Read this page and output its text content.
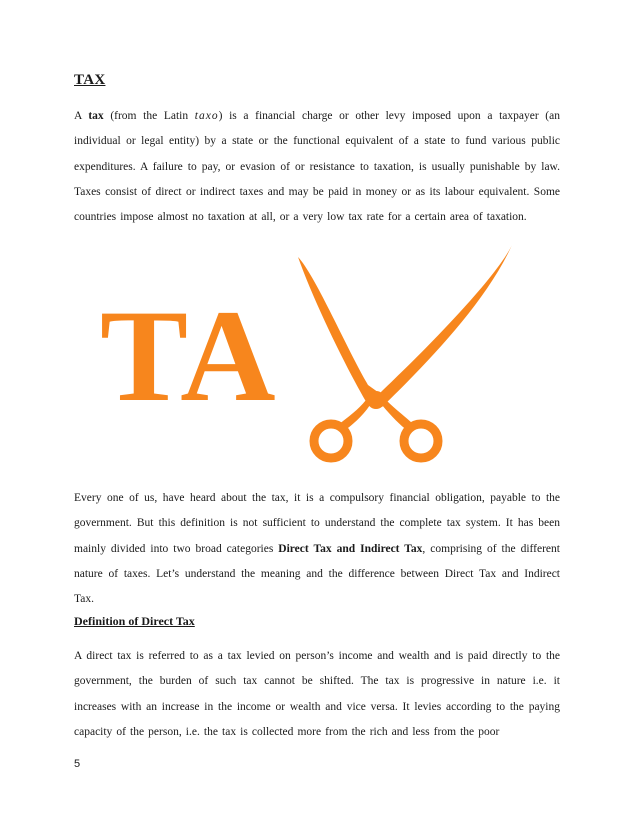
TAX
A tax (from the Latin taxo) is a financial charge or other levy imposed upon a taxpayer (an individual or legal entity) by a state or the functional equivalent of a state to fund various public expenditures. A failure to pay, or evasion of or resistance to taxation, is usually punishable by law. Taxes consist of direct or indirect taxes and may be paid in money or as its labour equivalent. Some countries impose almost no taxation at all, or a very low tax rate for a certain area of taxation.
TA
Every one of us, have heard about the tax, it is a compulsory financial obligation, payable to the government. But this definition is not sufficient to understand the complete tax system. It has been mainly divided into two broad categories Direct Tax and Indirect Tax, comprising of the different nature of taxes. Let’s understand the meaning and the difference between Direct Tax and Indirect Tax.
Definition of Direct Tax
A direct tax is referred to as a tax levied on person’s income and wealth and is paid directly to the government, the burden of such tax cannot be shifted. The tax is progressive in nature i.e. it increases with an increase in the income or wealth and vice versa. It levies according to the paying capacity of the person, i.e. the tax is collected more from the rich and less from the poor
5
